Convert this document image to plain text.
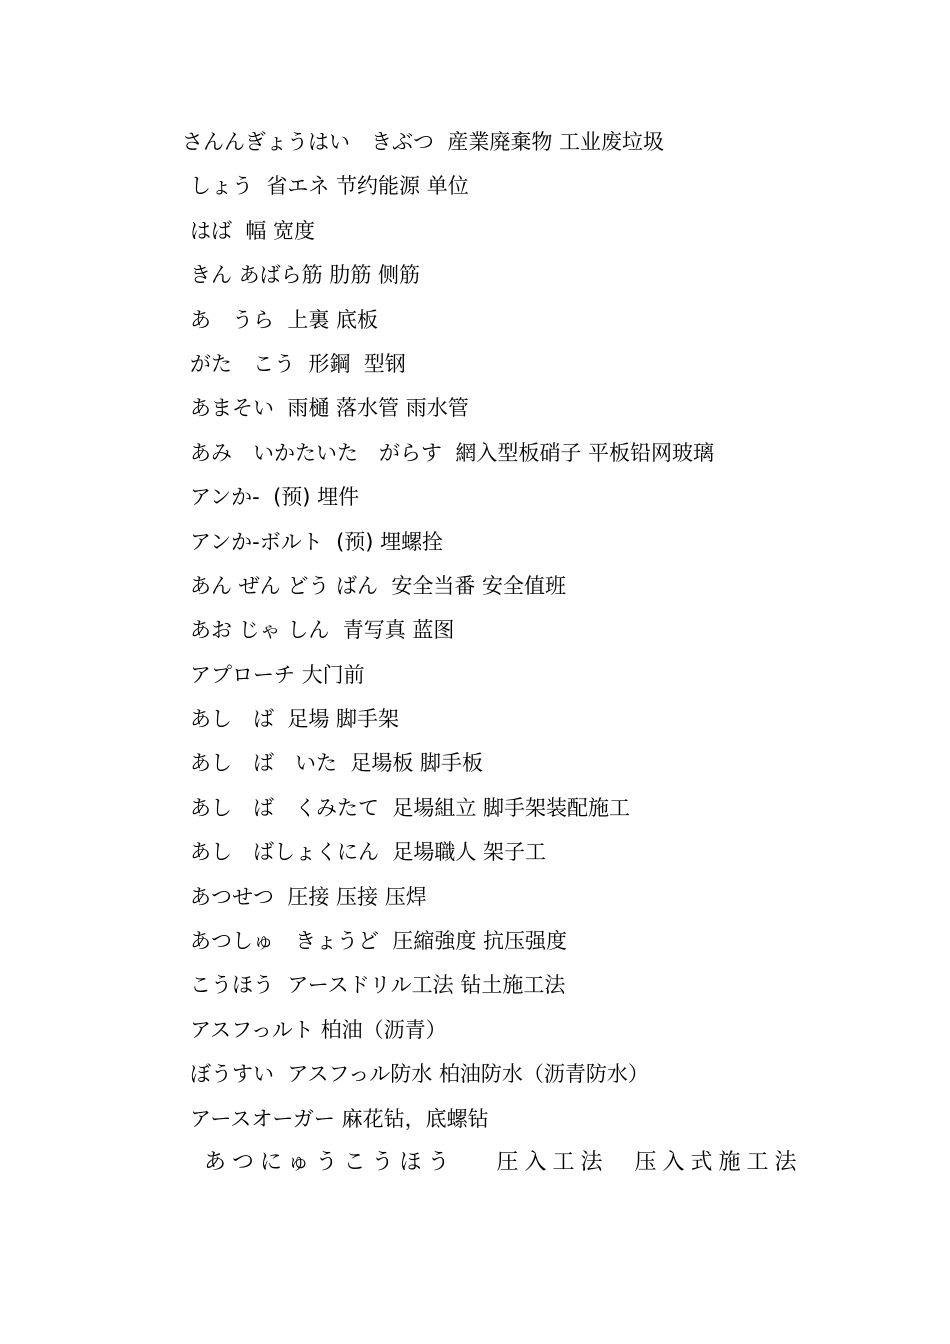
さんんぎょうはい　きぶつ  産業廃棄物 工业废垃圾
しょう  省エネ 节约能源 单位
はば  幅 宽度
きん あばら筋 肋筋 侧筋
あ　うら  上裏 底板
がた　こう  形鋼  型钢
あまそい  雨樋 落水管 雨水管
あみ　いかたいた　がらす  網入型板硝子 平板铅网玻璃
アンか-  (预) 埋件
アンか-ボルト  (预) 埋螺拴
あん ぜん どう ばん  安全当番 安全值班
あお じゃ しん  青写真 蓝图
アプローチ 大门前
あし　ば  足場 脚手架
あし　ば　いた  足場板 脚手板
あし　ば　くみたて  足場組立 脚手架装配施工
あし　ばしょくにん  足場職人 架子工
あつせつ  圧接 压接 压焊
あつしゅ　きょうど  圧縮強度 抗压强度
こうほう  アースドリル工法 钻土施工法
アスフっルト 柏油（沥青）
ぼうすい  アスフっル防水 柏油防水（沥青防水）
アースオーガー 麻花钻，底螺钻
あつにゅうこうほう　 圧入工法  压入式施工法
